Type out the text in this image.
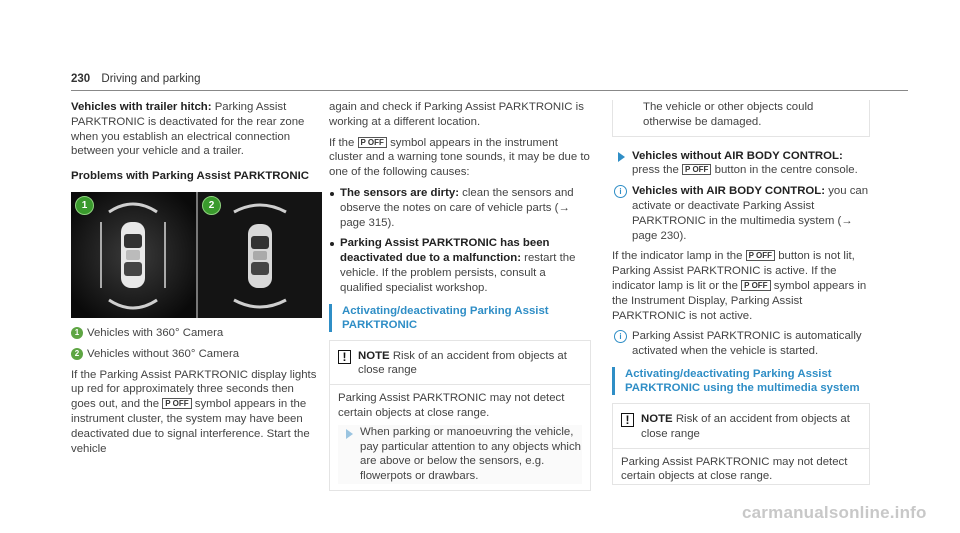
230 Driving and parking

Vehicles with trailer hitch: Parking Assist PARKTRONIC is deactivated for the rear zone when you establish an electrical connection between your vehicle and a trailer.

Problems with Parking Assist PARKTRONIC
1	2

1 Vehicles with 360° Camera

2 Vehicles without 360° Camera

If the Parking Assist PARKTRONIC display lights up red for approximately three seconds then goes out, and the P OFF symbol appears in the instrument cluster, the system may have been deactivated due to signal interference. Start the vehicle

again and check if Parking Assist PARKTRONIC is working at a different location.

If the P OFF symbol appears in the instrument cluster and a warning tone sounds, it may be due to one of the following causes:

The sensors are dirty: clean the sensors and observe the notes on care of vehicle parts (→ page 315).

Parking Assist PARKTRONIC has been deactivated due to a malfunction: restart the vehicle. If the problem persists, consult a qualified specialist workshop.

Activating/deactivating Parking Assist PARKTRONIC
!	NOTE Risk of an accident from objects at close range
Parking Assist PARKTRONIC may not detect certain objects at close range.
When parking or manoeuvring the vehicle, pay particular attention to any objects which are above or below the sensors, e.g. flowerpots or drawbars.
The vehicle or other objects could otherwise be damaged.

Vehicles without AIR BODY CONTROL: press the P OFF button in the centre console.

i Vehicles with AIR BODY CONTROL: you can activate or deactivate Parking Assist PARKTRONIC in the multimedia system (→ page 230).

If the indicator lamp in the P OFF button is not lit, Parking Assist PARKTRONIC is active. If the indicator lamp is lit or the P OFF symbol appears in the Instrument Display, Parking Assist PARKTRONIC is not active.

i Parking Assist PARKTRONIC is automatically activated when the vehicle is started.

Activating/deactivating Parking Assist PARKTRONIC using the multimedia system
!	NOTE Risk of an accident from objects at close range
Parking Assist PARKTRONIC may not detect certain objects at close range.
carmanualsonline.info
